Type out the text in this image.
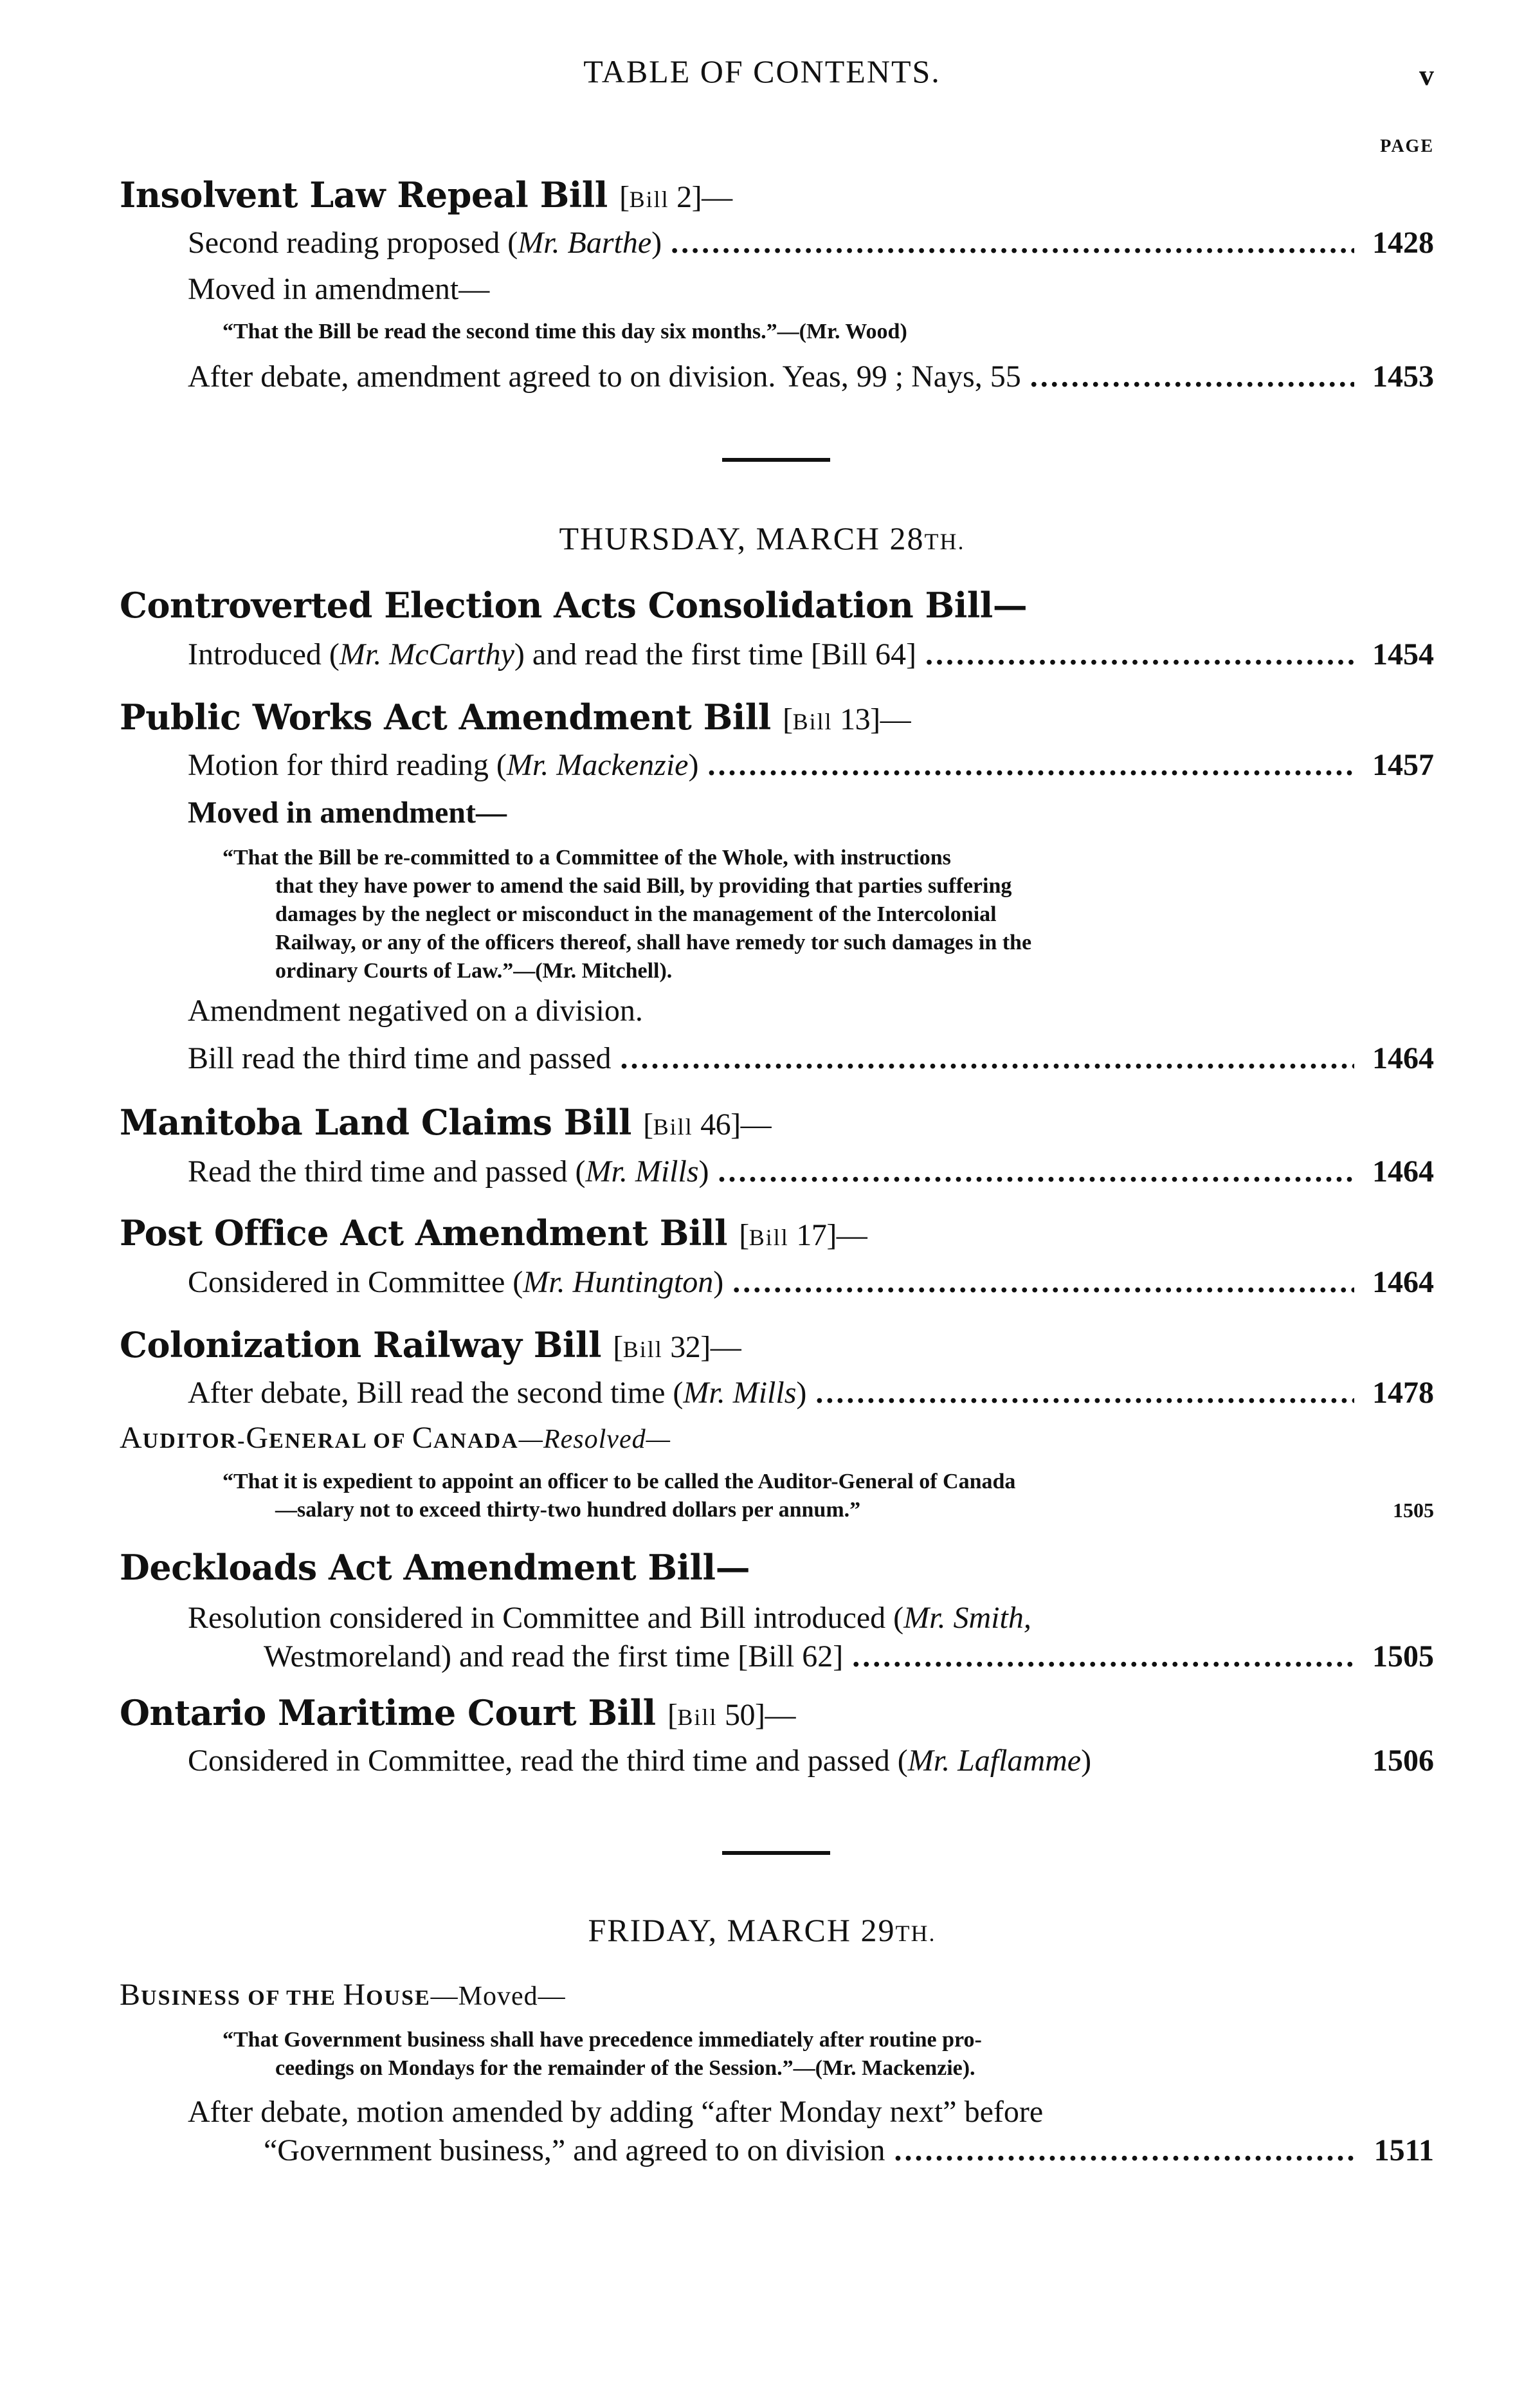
TABLE OF CONTENTS.	v
PAGE
Insolvent Law Repeal Bill [Bill 2]—
Second reading proposed (Mr. Barthe) .....	1428
Moved in amendment—
“That the Bill be read the second time this day six months.”—(Mr. Wood)
After debate, amendment agreed to on division. Yeas, 99 ; Nays, 55 .....	1453
THURSDAY, MARCH 28TH.
Controverted Election Acts Consolidation Bill—
Introduced (Mr. McCarthy) and read the first time [Bill 64] .....	1454
Public Works Act Amendment Bill [Bill 13]—
Motion for third reading (Mr. Mackenzie) .....	1457
Moved in amendment—
“That the Bill be re-committed to a Committee of the Whole, with instructions
that they have power to amend the said Bill, by providing that parties suffering
damages by the neglect or misconduct in the management of the Intercolonial
Railway, or any of the officers thereof, shall have remedy tor such damages in the
ordinary Courts of Law.”—(Mr. Mitchell).
Amendment negatived on a division.
Bill read the third time and passed .....	1464
Manitoba Land Claims Bill [Bill 46]—
Read the third time and passed (Mr. Mills) .....	1464
Post Office Act Amendment Bill [Bill 17]—
Considered in Committee (Mr. Huntington) .....	1464
Colonization Railway Bill [Bill 32]—
After debate, Bill read the second time (Mr. Mills) .....	1478
AUDITOR-GENERAL OF CANADA—Resolved—
“That it is expedient to appoint an officer to be called the Auditor-General of Canada
—salary not to exceed thirty-two hundred dollars per annum.”	1505
Deckloads Act Amendment Bill—
Resolution considered in Committee and Bill introduced (Mr. Smith,
Westmoreland) and read the first time [Bill 62] .....	1505
Ontario Maritime Court Bill [Bill 50]—
Considered in Committee, read the third time and passed (Mr. Laflamme)	1506
FRIDAY, MARCH 29TH.
BUSINESS OF THE HOUSE—Moved—
“That Government business shall have precedence immediately after routine pro-
ceedings on Mondays for the remainder of the Session.”—(Mr. Mackenzie).
After debate, motion amended by adding “after Monday next” before
“Government business,” and agreed to on division .....	1511
